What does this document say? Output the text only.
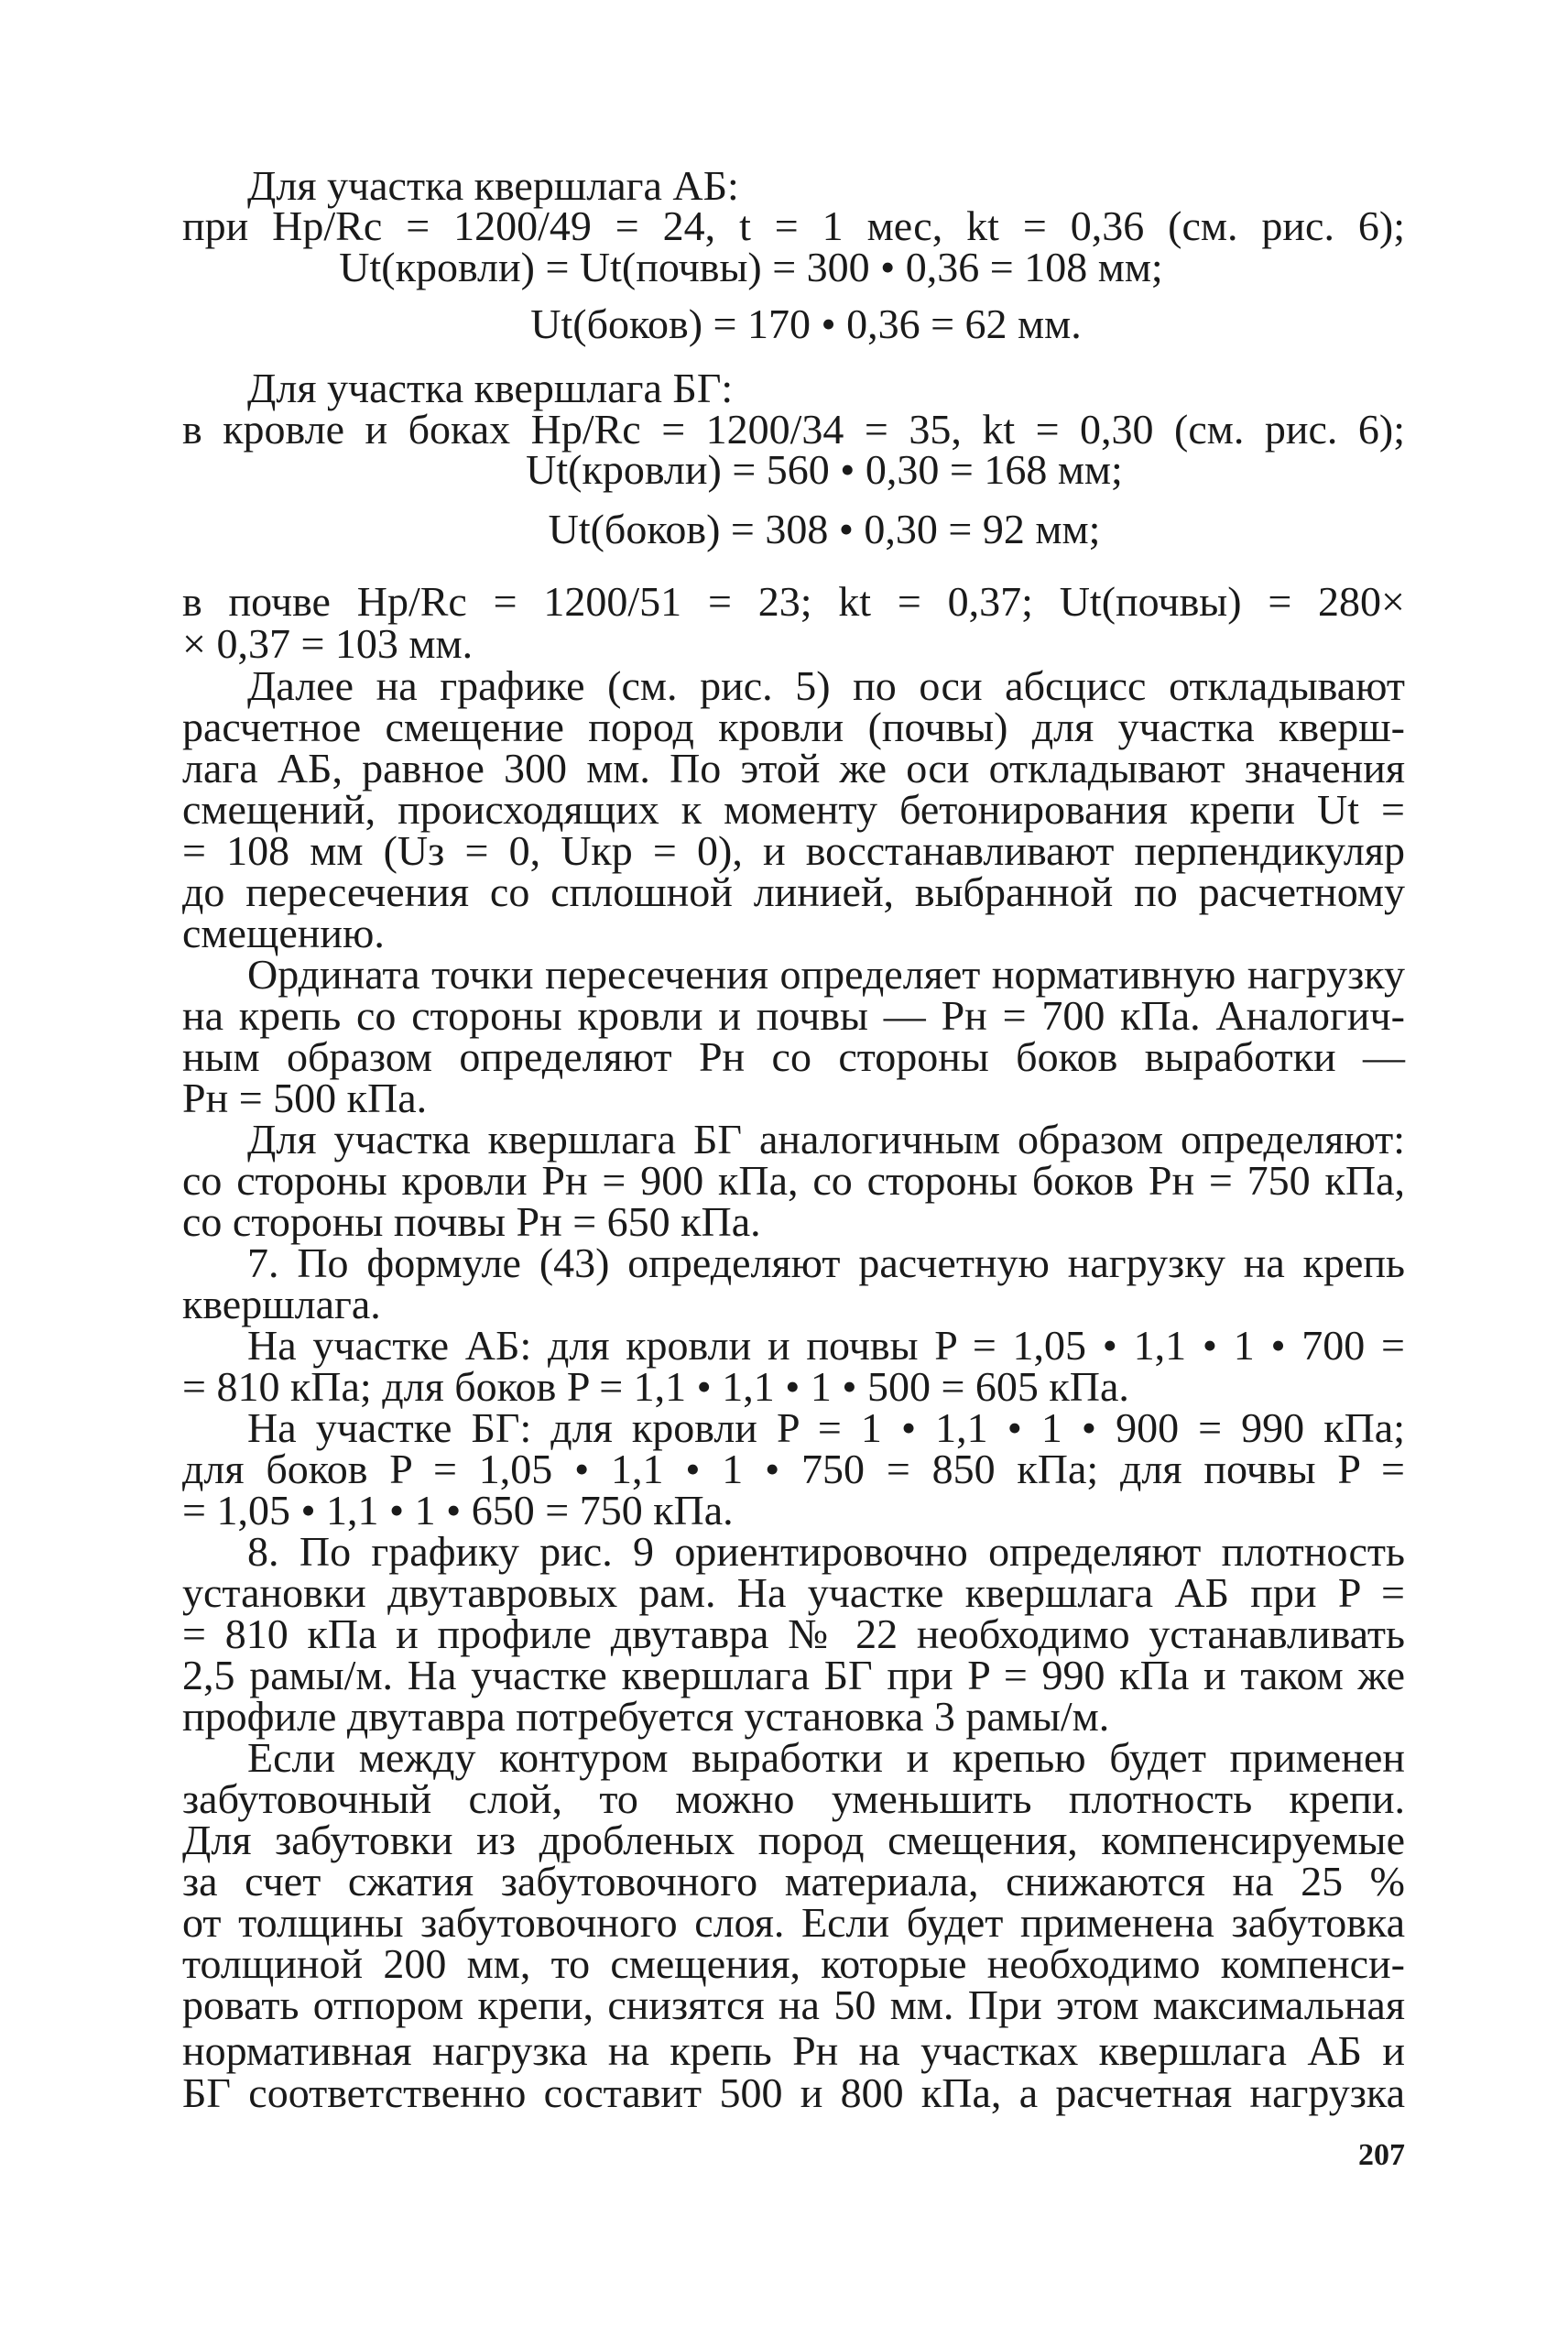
Для участка квершлага АБ:
при Hр/Rс = 1200/49 = 24, t = 1 мес, kt = 0,36 (см. рис. 6);
Ut(кровли) = Ut(почвы) = 300 • 0,36 = 108 мм;
Ut(боков) = 170 • 0,36 = 62 мм.
Для участка квершлага БГ:
в кровле и боках Hр/Rс = 1200/34 = 35, kt = 0,30 (см. рис. 6);
Ut(кровли) = 560 • 0,30 = 168 мм;
Ut(боков) = 308 • 0,30 = 92 мм;
в почве Hр/Rс = 1200/51 = 23; kt = 0,37; Ut(почвы) = 280×
× 0,37 = 103 мм.
Далее на графике (см. рис. 5) по оси абсцисс откладывают
расчетное смещение пород кровли (почвы) для участка кверш-
лага АБ, равное 300 мм. По этой же оси откладывают значения
смещений, происходящих к моменту бетонирования крепи Ut =
= 108 мм (Uз = 0, Uкр = 0), и восстанавливают перпендикуляр
до пересечения со сплошной линией, выбранной по расчетному
смещению.
Ордината точки пересечения определяет нормативную нагрузку
на крепь со стороны кровли и почвы — Pн = 700 кПа. Аналогич-
ным образом определяют Pн со стороны боков выработки —
Pн = 500 кПа.
Для участка квершлага БГ аналогичным образом определяют:
со стороны кровли Pн = 900 кПа, со стороны боков Pн = 750 кПа,
со стороны почвы Pн = 650 кПа.
7. По формуле (43) определяют расчетную нагрузку на крепь
квершлага.
На участке АБ: для кровли и почвы P = 1,05 • 1,1 • 1 • 700 =
= 810 кПа; для боков P = 1,1 • 1,1 • 1 • 500 = 605 кПа.
На участке БГ: для кровли P = 1 • 1,1 • 1 • 900 = 990 кПа;
для боков P = 1,05 • 1,1 • 1 • 750 = 850 кПа; для почвы P =
= 1,05 • 1,1 • 1 • 650 = 750 кПа.
8. По графику рис. 9 ориентировочно определяют плотность
установки двутавровых рам. На участке квершлага АБ при P =
= 810 кПа и профиле двутавра № 22 необходимо устанавливать
2,5 рамы/м. На участке квершлага БГ при P = 990 кПа и таком же
профиле двутавра потребуется установка 3 рамы/м.
Если между контуром выработки и крепью будет применен
забутовочный слой, то можно уменьшить плотность крепи.
Для забутовки из дробленых пород смещения, компенсируемые
за счет сжатия забутовочного материала, снижаются на 25 %
от толщины забутовочного слоя. Если будет применена забутовка
толщиной 200 мм, то смещения, которые необходимо компенси-
ровать отпором крепи, снизятся на 50 мм. При этом максимальная
нормативная нагрузка на крепь Pн на участках квершлага АБ и
БГ соответственно составит 500 и 800 кПа, а расчетная нагрузка
207
